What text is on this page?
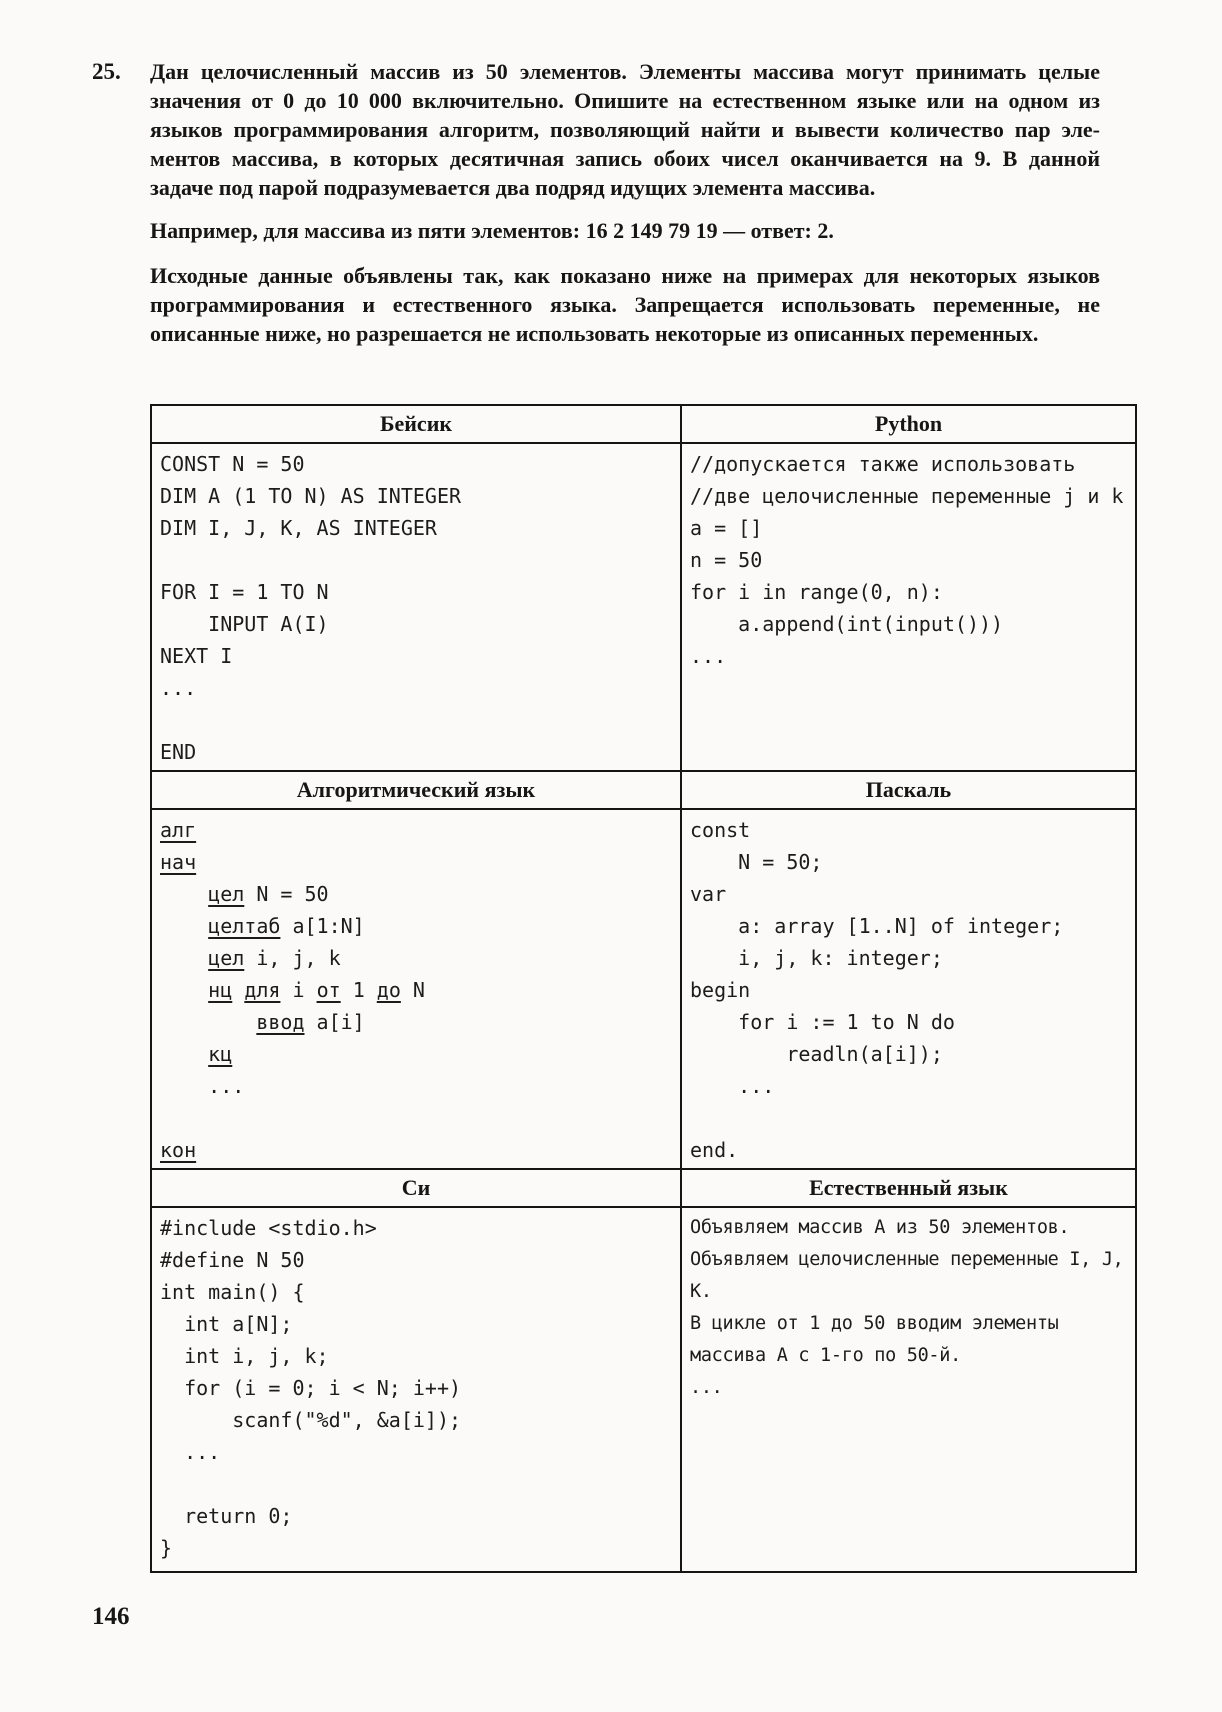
25. Дан целочисленный массив из 50 элементов. Элементы массива могут принимать целые
значения от 0 до 10 000 включительно. Опишите на естественном языке или на одном из
языков программирования алгоритм, позволяющий найти и вывести количество пар эле-
ментов массива, в которых десятичная запись обоих чисел оканчивается на 9. В данной
задаче под парой подразумевается два подряд идущих элемента массива.
Например, для массива из пяти элементов: 16 2 149 79 19 — ответ: 2.
Исходные данные объявлены так, как показано ниже на примерах для некоторых языков
программирования и естественного языка. Запрещается использовать переменные, не
описанные ниже, но разрешается не использовать некоторые из описанных переменных.
Бейсик	Python
CONST N = 50
DIM A (1 TO N) AS INTEGER
DIM I, J, K, AS INTEGER

FOR I = 1 TO N
INPUT A(I)
NEXT I
...

END
//допускается также использовать
//две целочисленные переменные j и k
a = []
n = 50
for i in range(0, n):
a.append(int(input()))
...
Алгоритмический язык	Паскаль
алг
нач
цел N = 50
целтаб a[1:N]
цел i, j, k
нц для i от 1 до N
ввод a[i]
кц
...

кон
const
N = 50;
var
a: array [1..N] of integer;
i, j, k: integer;
begin
for i := 1 to N do
readln(a[i]);
...

end.
Си	Естественный язык
#include <stdio.h>
#define N 50
int main() {
int a[N];
int i, j, k;
for (i = 0; i < N; i++)
scanf("%d", &a[i]);
...

return 0;
}
Объявляем массив A из 50 элементов.
Объявляем целочисленные переменные I, J,
K.
В цикле от 1 до 50 вводим элементы
массива A с 1-го по 50-й.
...
146
